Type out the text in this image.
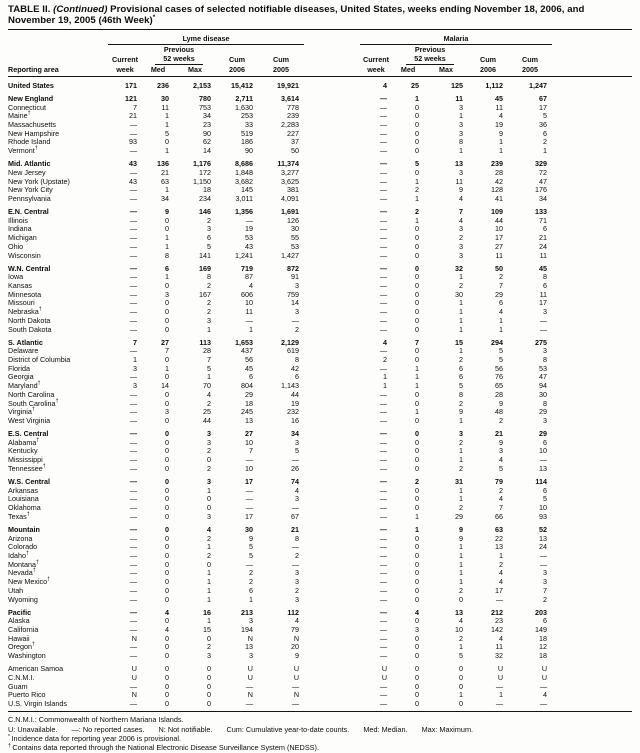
TABLE II. (Continued) Provisional cases of selected notifiable diseases, United States, weeks ending November 18, 2006, and November 19, 2005 (46th Week)*
	Lyme disease						Malaria					
		Previous						Previous				
	Current	52 weeks		Cum	Cum		Current	52 weeks		Cum	Cum	
Reporting area	week	Med	Max	2006	2005		week	Med	Max	2006	2005	
United States	171	236	2,153	15,412	19,921		4	25	125	1,112	1,247	
New England	121	30	780	2,711	3,614		—	1	11	45	67	
Connecticut	7	11	753	1,630	778		—	0	3	11	17	
Maine†	21	1	34	253	239		—	0	1	4	5	
Massachusetts	—	1	23	33	2,283		—	0	3	19	36	
New Hampshire	—	5	90	519	227		—	0	3	9	6	
Rhode Island	93	0	62	186	37		—	0	8	1	2	
Vermont†	—	1	14	90	50		—	0	1	1	1	
Mid. Atlantic	43	136	1,176	8,686	11,374		—	5	13	239	329	
New Jersey	—	21	172	1,848	3,277		—	0	3	28	72	
New York (Upstate)	43	63	1,150	3,682	3,625		—	1	11	42	47	
New York City	—	1	18	145	381		—	2	9	128	176	
Pennsylvania	—	34	234	3,011	4,091		—	1	4	41	34	
E.N. Central	—	9	146	1,356	1,691		—	2	7	109	133	
Illinois	—	0	2	—	126		—	1	4	44	71	
Indiana	—	0	3	19	30		—	0	3	10	6	
Michigan	—	1	6	53	55		—	0	2	17	21	
Ohio	—	1	5	43	53		—	0	3	27	24	
Wisconsin	—	8	141	1,241	1,427		—	0	3	11	11	
W.N. Central	—	6	169	719	872		—	0	32	50	45	
Iowa	—	1	8	87	91		—	0	1	2	8	
Kansas	—	0	2	4	3		—	0	2	7	6	
Minnesota	—	3	167	606	759		—	0	30	29	11	
Missouri	—	0	2	10	14		—	0	1	6	17	
Nebraska†	—	0	2	11	3		—	0	1	4	3	
North Dakota	—	0	3	—	—		—	0	1	1	—	
South Dakota	—	0	1	1	2		—	0	1	1	—	
S. Atlantic	7	27	113	1,653	2,129		4	7	15	294	275	
Delaware	—	7	28	437	619		—	0	1	5	3	
District of Columbia	1	0	7	56	8		2	0	2	5	8	
Florida	3	1	5	45	42		—	1	6	56	53	
Georgia	—	0	1	6	6		1	1	6	76	47	
Maryland†	3	14	70	804	1,143		1	1	5	65	94	
North Carolina	—	0	4	29	44		—	0	8	28	30	
South Carolina†	—	0	2	18	19		—	0	2	9	8	
Virginia†	—	3	25	245	232		—	1	9	48	29	
West Virginia	—	0	44	13	16		—	0	1	2	3	
E.S. Central	—	0	3	27	34		—	0	3	21	29	
Alabama†	—	0	3	10	3		—	0	2	9	6	
Kentucky	—	0	2	7	5		—	0	1	3	10	
Mississippi	—	0	0	—	—		—	0	1	4	—	
Tennessee†	—	0	2	10	26		—	0	2	5	13	
W.S. Central	—	0	3	17	74		—	2	31	79	114	
Arkansas	—	0	1	—	4		—	0	1	2	6	
Louisiana	—	0	0	—	3		—	0	1	4	5	
Oklahoma	—	0	0	—	—		—	0	2	7	10	
Texas†	—	0	3	17	67		—	1	29	66	93	
Mountain	—	0	4	30	21		—	1	9	63	52	
Arizona	—	0	2	9	8		—	0	9	22	13	
Colorado	—	0	1	5	—		—	0	1	13	24	
Idaho†	—	0	2	5	2		—	0	1	1	—	
Montana†	—	0	0	—	—		—	0	1	2	—	
Nevada†	—	0	1	2	3		—	0	1	4	3	
New Mexico†	—	0	1	2	3		—	0	1	4	3	
Utah	—	0	1	6	2		—	0	2	17	7	
Wyoming	—	0	1	1	3		—	0	0	—	2	
Pacific	—	4	16	213	112		—	4	13	212	203	
Alaska	—	0	1	3	4		—	0	4	23	6	
California	—	4	15	194	79		—	3	10	142	149	
Hawaii	N	0	0	N	N		—	0	2	4	18	
Oregon†	—	0	2	13	20		—	0	1	11	12	
Washington	—	0	3	3	9		—	0	5	32	18	
American Samoa	U	0	0	U	U		U	0	0	U	U	
C.N.M.I.	U	0	0	U	U		U	0	0	U	U	
Guam	—	0	0	—	—		—	0	0	—	—	
Puerto Rico	N	0	0	N	N		—	0	1	1	4	
U.S. Virgin Islands	—	0	0	—	—		—	0	0	—	—	
C.N.M.I.: Commonwealth of Northern Mariana Islands.
U: Unavailable. —: No reported cases. N: Not notifiable. Cum: Cumulative year-to-date counts. Med: Median. Max: Maximum.
* Incidence data for reporting year 2006 is provisional.
† Contains data reported through the National Electronic Disease Surveillance System (NEDSS).
